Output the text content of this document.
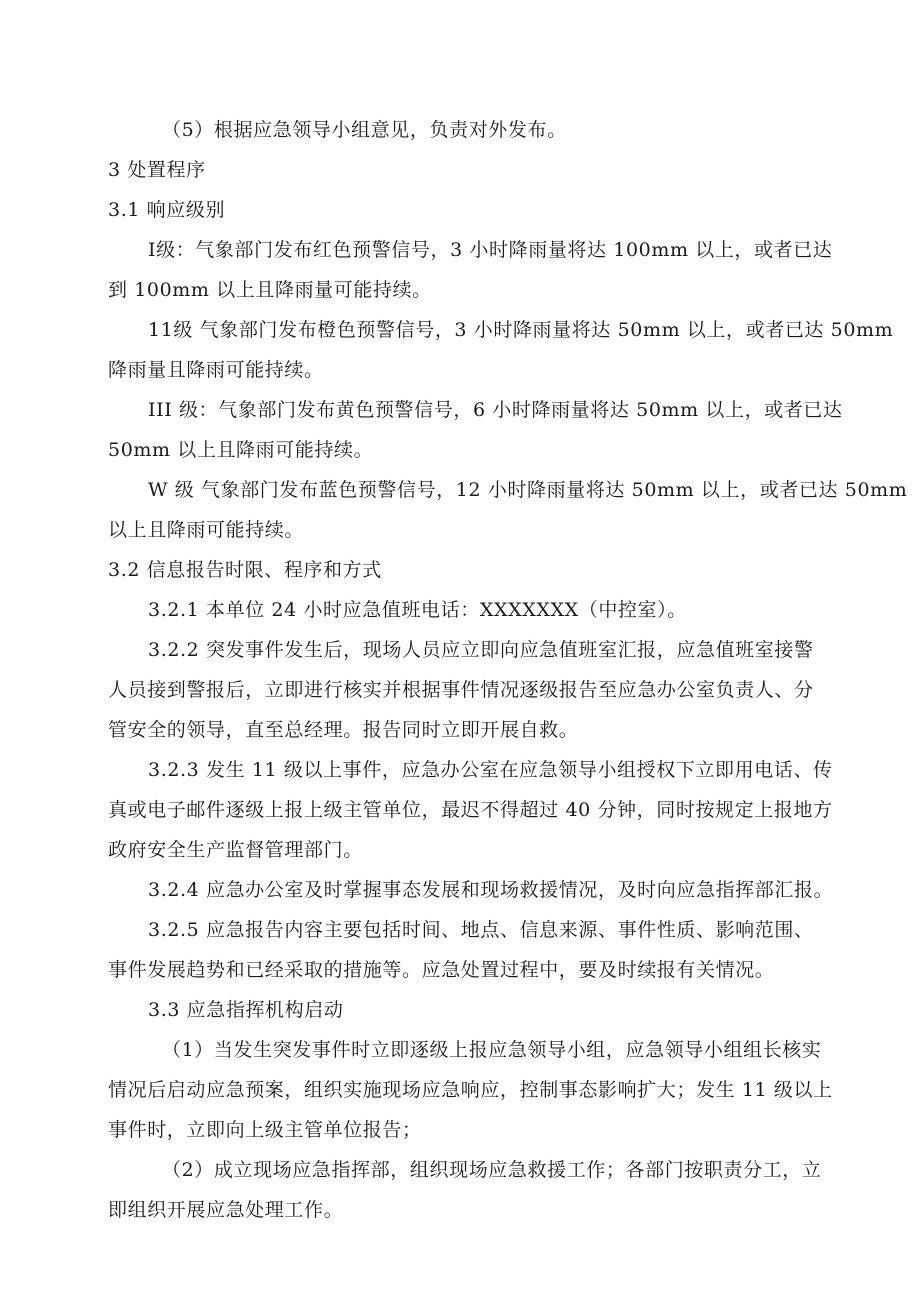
（5）根据应急领导小组意见，负责对外发布。
3 处置程序
3.1 响应级别
Ⅰ级：气象部门发布红色预警信号，3 小时降雨量将达 100mm 以上，或者已达
到 100mm 以上且降雨量可能持续。
11级 气象部门发布橙色预警信号，3 小时降雨量将达 50mm 以上，或者已达 50mm
降雨量且降雨可能持续。
III 级：气象部门发布黄色预警信号，6 小时降雨量将达 50mm 以上，或者已达
50mm 以上且降雨可能持续。
W 级 气象部门发布蓝色预警信号，12 小时降雨量将达 50mm 以上，或者已达 50mm
以上且降雨可能持续。
3.2 信息报告时限、程序和方式
3.2.1 本单位 24 小时应急值班电话：XXXXXXX（中控室）。
3.2.2 突发事件发生后，现场人员应立即向应急值班室汇报，应急值班室接警
人员接到警报后，立即进行核实并根据事件情况逐级报告至应急办公室负责人、分
管安全的领导，直至总经理。报告同时立即开展自救。
3.2.3 发生 11 级以上事件，应急办公室在应急领导小组授权下立即用电话、传
真或电子邮件逐级上报上级主管单位，最迟不得超过 40 分钟，同时按规定上报地方
政府安全生产监督管理部门。
3.2.4 应急办公室及时掌握事态发展和现场救援情况，及时向应急指挥部汇报。
3.2.5 应急报告内容主要包括时间、地点、信息来源、事件性质、影响范围、
事件发展趋势和已经采取的措施等。应急处置过程中，要及时续报有关情况。
3.3 应急指挥机构启动
（1）当发生突发事件时立即逐级上报应急领导小组，应急领导小组组长核实
情况后启动应急预案，组织实施现场应急响应，控制事态影响扩大；发生 11 级以上
事件时，立即向上级主管单位报告；
（2）成立现场应急指挥部，组织现场应急救援工作；各部门按职责分工，立
即组织开展应急处理工作。
